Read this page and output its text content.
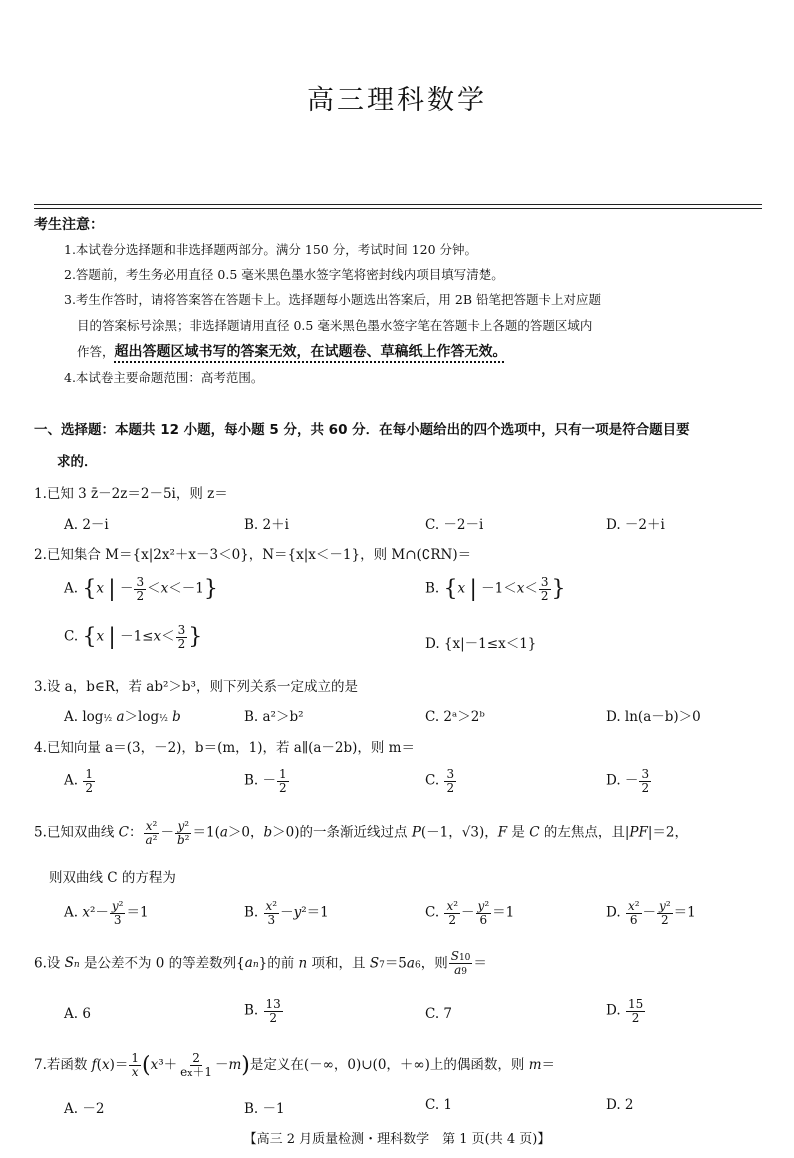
高三理科数学
考生注意：
1.本试卷分选择题和非选择题两部分。满分 150 分，考试时间 120 分钟。
2.答题前，考生务必用直径 0.5 毫米黑色墨水签字笔将密封线内项目填写清楚。
3.考生作答时，请将答案答在答题卡上。选择题每小题选出答案后，用 2B 铅笔把答题卡上对应题
目的答案标号涂黑；非选择题请用直径 0.5 毫米黑色墨水签字笔在答题卡上各题的答题区域内
作答，超出答题区域书写的答案无效，在试题卷、草稿纸上作答无效。
4.本试卷主要命题范围：高考范围。
一、选择题：本题共 12 小题，每小题 5 分，共 60 分．在每小题给出的四个选项中，只有一项是符合题目要
求的．
1.已知 3 z̄－2z＝2－5i，则 z＝
A. 2－i	B. 2＋i	C. －2－i	D. －2＋i
2.已知集合 M＝{x|2x²＋x－3＜0}，N＝{x|x＜－1}，则 M∩(∁RN)＝
A. {x | － $\frac{3}{2} <x<-1$}	B. {x | $-1<x< \frac{3}{2}$ }
C. {x | $-1\le x< \frac{3}{2}$ }	D. {x|－1≤x＜1}
3.设 a，b∈R，若 ab²＞b³，则下列关系一定成立的是
A. log½ a＞log½ b	B. a²＞b²	C. 2ᵃ＞2ᵇ	D. ln(a－b)＞0
4.已知向量 a＝(3，－2)，b＝(m，1)，若 a∥(a－2b)，则 m＝
A. $\frac{1}{2}$	B. － $\frac{1}{2}$	C. $\frac{3}{2}$	D. － $\frac{3}{2}$
5.已知双曲线 C： $\frac{\text{x²}}{\text{a²}} - \frac{\text{y²}}{\text{b²}} =1(a>0$，b＞0)的一条渐近线过点 P(－1，√3)，F 是 C 的左焦点，且|PF|＝2，
则双曲线 C 的方程为
A. $x^2- \frac{\text{y²}}{3} =1$	B. $\frac{\text{x²}}{3} -y^2=1$	C. $\frac{\text{x²}}{2} - \frac{\text{y²}}{6} =1$	D. $\frac{\text{x²}}{6} - \frac{\text{y²}}{2} =1$
6.设 Sn 是公差不为 0 的等差数列{an}的前 n 项和，且 S7＝5a6，则 $\frac{S10}{a9}$ ＝
A. 6	B. $\frac{13}{2}$	C. 7	D. $\frac{15}{2}$
7.若函数 $f(x)= \frac{1}{x} (x^3+ \frac{2}{ex+1} -m)$是定义在(－∞，0)∪(0，＋∞)上的偶函数，则 m＝
A. －2	B. －1	C. 1	D. 2
【高三 2 月质量检测・理科数学　第 1 页(共 4 页)】
